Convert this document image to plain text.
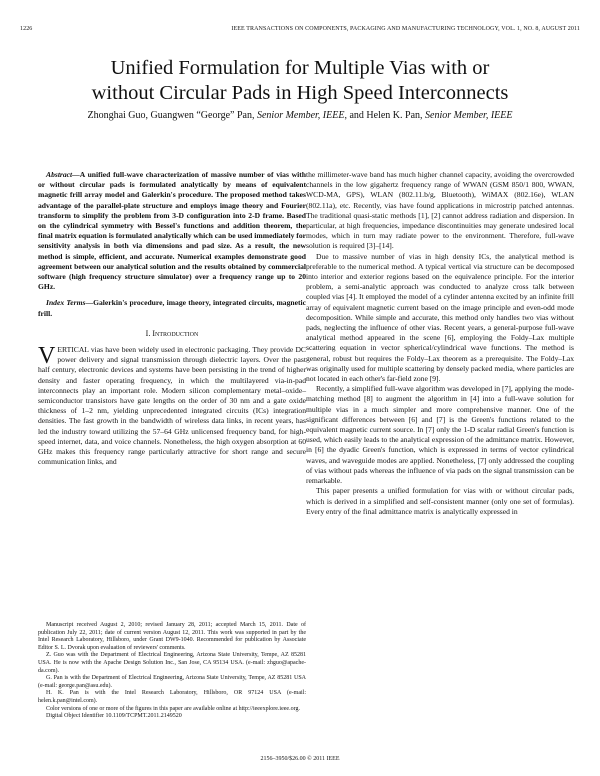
1226	IEEE TRANSACTIONS ON COMPONENTS, PACKAGING AND MANUFACTURING TECHNOLOGY, VOL. 1, NO. 8, AUGUST 2011
Unified Formulation for Multiple Vias with or
without Circular Pads in High Speed Interconnects
Zhonghai Guo, Guangwen “George” Pan, Senior Member, IEEE, and Helen K. Pan, Senior Member, IEEE
Abstract—A unified full-wave characterization of massive number of vias with or without circular pads is formulated analytically by means of equivalent magnetic frill array model and Galerkin's procedure. The proposed method takes advantage of the parallel-plate structure and employs image theory and Fourier transform to simplify the problem from 3-D configuration into 2-D frame. Based on the cylindrical symmetry with Bessel's functions and addition theorem, the final matrix equation is formulated analytically which can be used immediately for sensitivity analysis in both via dimensions and pad size. As a result, the new method is simple, efficient, and accurate. Numerical examples demonstrate good agreement between our analytical solution and the results obtained by commercial software (high frequency structure simulator) over a frequency range up to 20 GHz.
Index Terms—Galerkin's procedure, image theory, integrated circuits, magnetic frill.
I. Introduction

VERTICAL vias have been widely used in electronic packaging. They provide DC power delivery and signal transmission through dielectric layers. Over the past half century, electronic devices and systems have been persisting in the trend of higher density and faster operating frequency, in which the multilayered via-in-pad interconnects play an important role. Modern silicon complementary metal–oxide–semiconductor transistors have gate lengths on the order of 30 nm and a gate oxide thickness of 1–2 nm, yielding unprecedented integrated circuits (ICs) integration densities. The fast growth in the bandwidth of wireless data links, in recent years, has led the industry toward utilizing the 57–64 GHz unlicensed frequency band, for high-speed internet, data, and voice channels. Nonetheless, the high oxygen absorption at 60 GHz makes this frequency range particularly attractive for short range and secure communication links, and

the millimeter-wave band has much higher channel capacity, avoiding the overcrowded channels in the low gigahertz frequency range of WWAN (GSM 850/1 800, WWAN, WCD-MA, GPS), WLAN (802.11.b/g, Bluetooth), WiMAX (802.16e), WLAN (802.11a), etc. Recently, vias have found applications in microstrip patched antennas. The traditional quasi-static methods [1], [2] cannot address radiation and dispersion. In particular, at high frequencies, impedance discontinuities may generate undesired local modes, which in turn may radiate power to the environment. Therefore, full-wave solution is required [3]–[14].

Due to massive number of vias in high density ICs, the analytical method is preferable to the numerical method. A typical vertical via structure can be decomposed into interior and exterior regions based on the equivalence principle. For the interior problem, a semi-analytic approach was conducted to analyze cross talk between coupled vias [4]. It employed the model of a cylinder antenna excited by an infinite frill array of equivalent magnetic current based on the image principle and even-odd mode decomposition. While simple and accurate, this method only handles two vias without pads, neglecting the influence of other vias. Recent years, a general-purpose full-wave analytical method appeared in the scene [6], employing the Foldy–Lax multiple scattering equation in vector spherical/cylindrical wave functions. The method is general, robust but requires the Foldy–Lax theorem as a prerequisite. The Foldy–Lax was originally used for multiple scattering by densely packed media, where particles are not located in each other's far-field zone [9].

Recently, a simplified full-wave algorithm was developed in [7], applying the mode-matching method [8] to augment the algorithm in [4] into a full-wave solution for multiple vias in a much simpler and more comprehensive manner. One of the significant differences between [6] and [7] is the Green's functions related to the equivalent magnetic current source. In [7] only the 1-D scalar radial Green's function is used, which easily leads to the analytical expression of the admittance matrix. However, in [6] the dyadic Green's function, which is expressed in terms of vector cylindrical waves, and waveguide modes are applied. Nonetheless, [7] only addressed the coupling of vias without pads whereas the influence of via pads on the signal transmission can be remarkable.

This paper presents a unified formulation for vias with or without circular pads, which is derived in a simplified and self-consistent manner (only one set of formulas). Every entry of the final admittance matrix is analytically expressed in

Manuscript received August 2, 2010; revised January 28, 2011; accepted March 15, 2011. Date of publication July 22, 2011; date of current version August 12, 2011. This work was supported in part by the Intel Research Laboratory, Hillsboro, under Grant DW9-1040. Recommended for publication by Associate Editor S. L. Dvorak upon evaluation of reviewers' comments.

Z. Guo was with the Department of Electrical Engineering, Arizona State University, Tempe, AZ 85281 USA. He is now with the Apache Design Solution Inc., San Jose, CA 95134 USA. (e-mail: zhguo@apache-da.com).

G. Pan is with the Department of Electrical Engineering, Arizona State University, Tempe, AZ 85281 USA (e-mail: george.pan@asu.edu).

H. K. Pan is with the Intel Research Laboratory, Hillsboro, OR 97124 USA (e-mail: helen.k.pan@intel.com).

Color versions of one or more of the figures in this paper are available online at http://ieeexplore.ieee.org.

Digital Object Identifier 10.1109/TCPMT.2011.2149520

2156–3950/$26.00 © 2011 IEEE
